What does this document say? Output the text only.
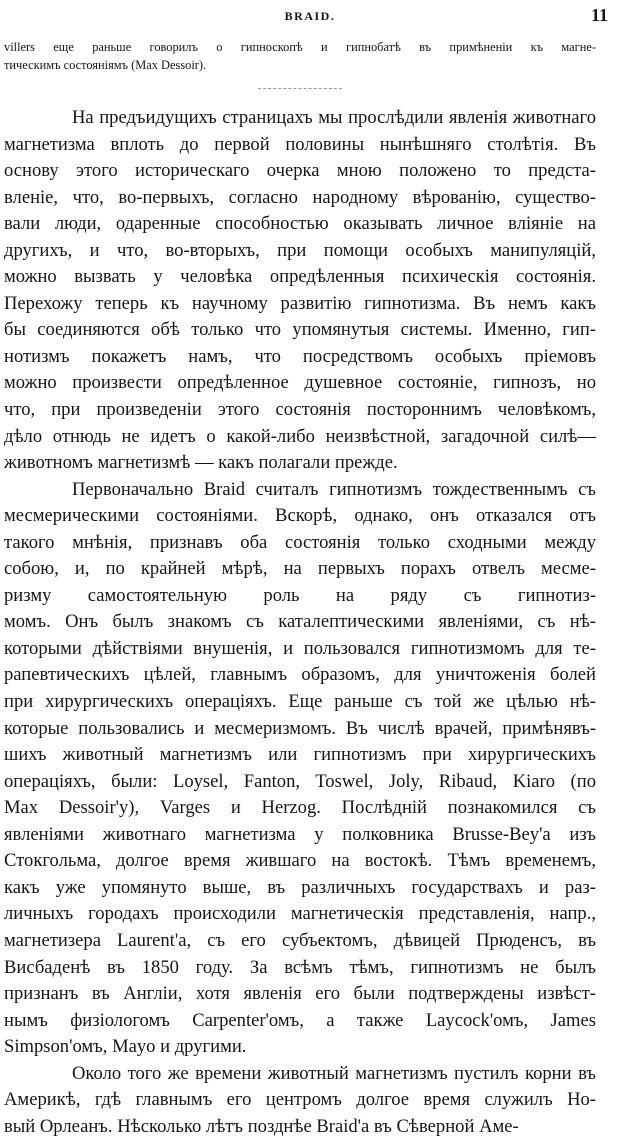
BRAID.	11
villers еще раньше говорилъ о гипноскопѣ и гипнобатѣ въ примѣненіи къ магне-
тическимъ состояніямъ (Max Dessoir).
На предъидущихъ страницахъ мы прослѣдили явленія животнаго
магнетизма вплоть до первой половины нынѣшняго столѣтія. Въ
основу этого историческаго очерка мною положено то предста-
вленіе, что, во-первыхъ, согласно народному вѣрованію, существо-
вали люди, одаренные способностью оказывать личное вліяніе на
другихъ, и что, во-вторыхъ, при помощи особыхъ манипуляцій,
можно вызвать у человѣка опредѣленныя психическія состоянія.
Перехожу теперь къ научному развитію гипнотизма. Въ немъ какъ
бы соединяются обѣ только что упомянутыя системы. Именно, гип-
нотизмъ покажетъ намъ, что посредствомъ особыхъ пріемовъ
можно произвести опредѣленное душевное состояніе, гипнозъ, но
что, при произведеніи этого состоянія постороннимъ человѣкомъ,
дѣло отнюдь не идетъ о какой-либо неизвѣстной, загадочной силѣ—
животномъ магнетизмѣ — какъ полагали прежде.
Первоначально Braid считалъ гипнотизмъ тождественнымъ съ
месмерическими состояніями. Вскорѣ, однако, онъ отказался отъ
такого мнѣнія, признавъ оба состоянія только сходными между
собою, и, по крайней мѣрѣ, на первыхъ порахъ отвелъ месме-
ризму самостоятельную роль на ряду съ гипнотиз-
момъ. Онъ былъ знакомъ съ каталептическими явленіями, съ нѣ-
которыми дѣйствіями внушенія, и пользовался гипнотизмомъ для те-
рапевтическихъ цѣлей, главнымъ образомъ, для уничтоженія болей
при хирургическихъ операціяхъ. Еще раньше съ той же цѣлью нѣ-
которые пользовались и месмеризмомъ. Въ числѣ врачей, примѣнявъ-
шихъ животный магнетизмъ или гипнотизмъ при хирургическихъ
операціяхъ, были: Loysel, Fanton, Toswel, Joly, Ribaud, Kiaro (по
Max Dessoir'у), Varges и Herzog. Послѣдній познакомился съ
явленіями животнаго магнетизма у полковника Brusse-Bey'а изъ
Стокгольма, долгое время жившаго на востокѣ. Тѣмъ временемъ,
какъ уже упомянуто выше, въ различныхъ государствахъ и раз-
личныхъ городахъ происходили магнетическія представленія, напр.,
магнетизера Laurent'а, съ его субъектомъ, дѣвицей Прюденсъ, въ
Висбаденѣ въ 1850 году. За всѣмъ тѣмъ, гипнотизмъ не былъ
признанъ въ Англіи, хотя явленія его были подтверждены извѣст-
нымъ физіологомъ Carpenter'омъ, а также Laycock'омъ, James
Simpson'омъ, Mayo и другими.
Около того же времени животный магнетизмъ пустилъ корни въ
Америкѣ, гдѣ главнымъ его центромъ долгое время служилъ Но-
вый Орлеанъ. Нѣсколько лѣтъ позднѣе Braid'а въ Сѣверной Аме-
